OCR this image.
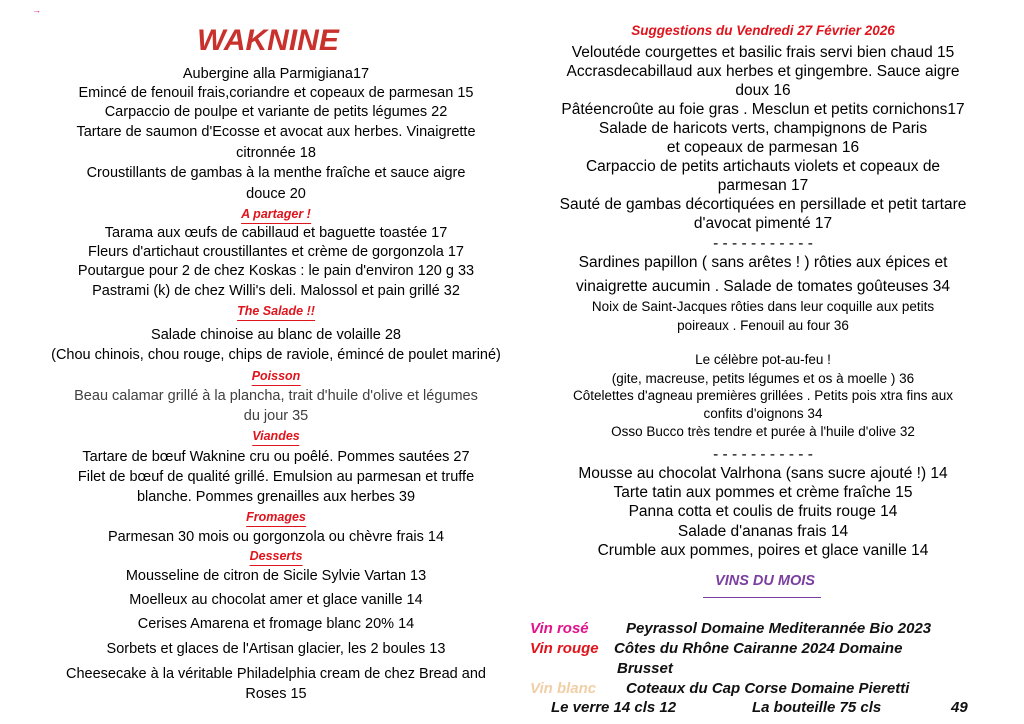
→
WAKNINE

Aubergine alla Parmigiana17

Emincé de fenouil frais,coriandre et copeaux de parmesan 15

Carpaccio de poulpe et variante de petits légumes 22

Tartare de saumon d'Ecosse et avocat aux herbes. Vinaigrette

citronnée 18

Croustillants de gambas à la menthe fraîche et sauce aigre

douce 20

A partager !

Tarama aux œufs de cabillaud et baguette toastée 17

Fleurs d'artichaut croustillantes et crème de gorgonzola 17

Poutargue pour 2 de chez Koskas : le pain d'environ 120 g 33

Pastrami (k) de chez Willi's deli. Malossol et pain grillé 32

The Salade !!

Salade chinoise au blanc de volaille 28

(Chou chinois, chou rouge, chips de raviole, émincé de poulet mariné)

Poisson

Beau calamar grillé à la plancha, trait d'huile d'olive et légumes

du jour 35

Viandes

Tartare de bœuf Waknine cru ou poêlé. Pommes sautées 27

Filet de bœuf de qualité grillé. Emulsion au parmesan et truffe

blanche. Pommes grenailles aux herbes 39

Fromages

Parmesan 30 mois ou gorgonzola ou chèvre frais 14

Desserts

Mousseline de citron de Sicile Sylvie Vartan 13

Moelleux au chocolat amer et glace vanille 14

Cerises Amarena et fromage blanc 20% 14

Sorbets et glaces de l'Artisan glacier, les 2 boules 13

Cheesecake à la véritable Philadelphia cream de chez Bread and

Roses 15

Suggestions du Vendredi 27 Février 2026

Veloutéde courgettes et basilic frais servi bien chaud 15

Accrasdecabillaud aux herbes et gingembre. Sauce aigre

doux 16

Pâtéencroûte au foie gras . Mesclun et petits cornichons17

Salade de haricots verts, champignons de Paris

et copeaux de parmesan 16

Carpaccio de petits artichauts violets et copeaux de

parmesan 17

Sauté de gambas décortiquées en persillade et petit tartare

d'avocat pimenté 17

- - - - - - - - - - -

Sardines papillon ( sans arêtes ! ) rôties aux épices et

vinaigrette aucumin . Salade de tomates goûteuses 34

Noix de Saint-Jacques rôties dans leur coquille aux petits

poireaux . Fenouil au four 36

Le célèbre pot-au-feu !

(gite, macreuse, petits légumes et os à moelle ) 36

Côtelettes d'agneau premières grillées . Petits pois xtra fins aux

confits d'oignons 34

Osso Bucco très tendre et purée à l'huile d'olive 32

- - - - - - - - - - -

Mousse au chocolat Valrhona (sans sucre ajouté !) 14

Tarte tatin aux pommes et crème fraîche 15

Panna cotta et coulis de fruits rouge 14

Salade d'ananas frais 14

Crumble aux pommes, poires et glace vanille 14

VINS DU MOIS
Vin rosé Peyrassol Domaine Mediterannée Bio 2023
Vin rouge Côtes du Rhône Cairanne 2024 Domaine
Brusset
Vin blanc Coteaux du Cap Corse Domaine Pieretti
Le verre 14 cls 12	La bouteille 75 cls	49
